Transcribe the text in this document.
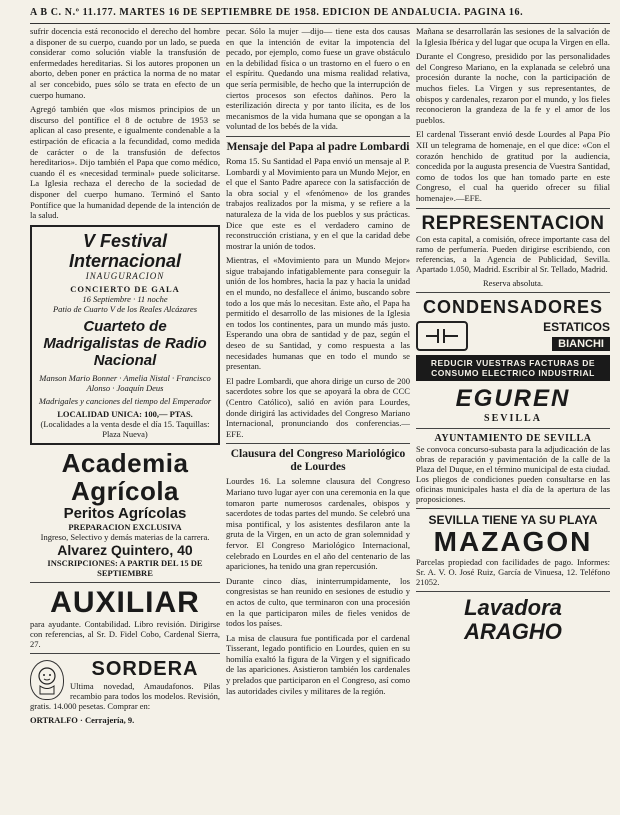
A B C. N.º 11.177. MARTES 16 DE SEPTIEMBRE DE 1958. EDICION DE ANDALUCIA. PAGINA 16.

sufrir docencia está reconocido el derecho del hombre a disponer de su cuerpo, cuando por un lado, se pueda considerar como solución viable la transfusión de enfermedades hereditarias. Si los autores proponen un aborto, deben poner en práctica la norma de no matar al ser concebido, pues sólo se trata en efecto de un cuerpo humano.

Agregó también que «los mismos principios de un discurso del pontífice el 8 de octubre de 1953 se aplican al caso presente, e igualmente condenable a la estirpación de eficacia a la fecundidad, como medida de carácter o de la transfusión de defectos hereditarios». Dijo también el Papa que como médico, cuando él es «necesidad terminal» puede solicitarse. La Iglesia rechaza el derecho de la sociedad de disponer del cuerpo humano. Terminó el Santo Pontífice que la humanidad depende de la intención de la salud.

V Festival Internacional
INAUGURACION
CONCIERTO DE GALA
16 Septiembre · 11 noche
Patio de Cuarto V de los Reales Alcázares
Cuarteto de Madrigalistas de Radio Nacional
Manson Mario Bonner · Amelia Nistal · Francisco Alonso · Joaquín Deus
Madrigales y canciones del tiempo del Emperador
LOCALIDAD UNICA: 100,— PTAS.
(Localidades a la venta desde el día 15. Taquillas: Plaza Nueva)
Academia Agrícola
Peritos Agrícolas
PREPARACION EXCLUSIVA
Ingreso, Selectivo y demás materias de la carrera.
Alvarez Quintero, 40
INSCRIPCIONES: A PARTIR DEL 15 DE SEPTIEMBRE
AUXILIAR

para ayudante. Contabilidad. Libro revisión. Dirigirse con referencias, al Sr. D. Fidel Cobo, Cardenal Sierra, 27.

SORDERA

Ultima novedad, Amaudafonos. Pilas recambio para todos los modelos. Revisión, gratis. 14.000 pesetas. Comprar en:

ORTRALFO · Cerrajería, 9.

pecar. Sólo la mujer —dijo— tiene esta dos causas en que la intención de evitar la impotencia del pecado, por ejemplo, como fuese un grave obstáculo en la debilidad física o un trastorno en el fuero o en el espíritu. Quedando una misma realidad relativa, que sería permisible, de hecho que la interrupción de ciertos procesos son efectos dañinos. Pero la esterilización directa y por tanto ilícita, es de los mecanismos de la vida humana que se opongan a la voluntad de los bebés de la vida.

Mensaje del Papa al padre Lombardi

Roma 15. Su Santidad el Papa envió un mensaje al P. Lombardi y al Movimiento para un Mundo Mejor, en el que el Santo Padre aparece con la satisfacción de la obra social y el «fenómeno» de los grandes trabajos realizados por la misma, y se refiere a la naturaleza de la vida de los pueblos y sus prácticas. Dice que este es el verdadero camino de reconstrucción cristiana, y en el que la caridad debe mostrar la unión de todos.

Mientras, el «Movimiento para un Mundo Mejor» sigue trabajando infatigablemente para conseguir la unión de los hombres, hacia la paz y hacia la unidad en el mundo, no desfallece el ánimo, buscando sobre todo a los que más lo necesitan. Este año, el Papa ha permitido el desarrollo de las misiones de la Iglesia en todos los continentes, para un mundo más justo. Esperando una obra de santidad y de paz, según el deseo de su Santidad, y como respuesta a las necesidades humanas que en todo el mundo se presentan.

El padre Lombardi, que ahora dirige un curso de 200 sacerdotes sobre los que se apoyará la obra de CCC (Centro Católico), salió en avión para Lourdes, donde dirigirá las actividades del Congreso Mariano Internacional, pronunciando dos conferencias.—EFE.

Clausura del Congreso Mariológico de Lourdes

Lourdes 16. La solemne clausura del Congreso Mariano tuvo lugar ayer con una ceremonia en la que tomaron parte numerosos cardenales, obispos y sacerdotes de todas partes del mundo. Se celebró una misa pontifical, y los asistentes desfilaron ante la gruta de la Virgen, en un acto de gran solemnidad y fervor. El Congreso Mariológico Internacional, celebrado en Lourdes en el año del centenario de las apariciones, ha tenido una gran repercusión.

Durante cinco días, ininterrumpidamente, los congresistas se han reunido en sesiones de estudio y en actos de culto, que terminaron con una procesión en la que participaron miles de fieles venidos de todos los países.

La misa de clausura fue pontificada por el cardenal Tisserant, legado pontificio en Lourdes, quien en su homilía exaltó la figura de la Virgen y el significado de las apariciones. Asistieron también los cardenales y prelados que participaron en el Congreso, así como las autoridades civiles y militares de la región.

Mañana se desarrollarán las sesiones de la salvación de la Iglesia Ibérica y del lugar que ocupa la Virgen en ella.

Durante el Congreso, presidido por las personalidades del Congreso Mariano, en la explanada se celebró una procesión durante la noche, con la participación de muchos fieles. La Virgen y sus representantes, de obispos y cardenales, rezaron por el mundo, y los fieles reconocieron la grandeza de la fe y el amor de los pueblos.

El cardenal Tisserant envió desde Lourdes al Papa Pío XII un telegrama de homenaje, en el que dice: «Con el corazón henchido de gratitud por la audiencia, concedida por la augusta presencia de Vuestra Santidad, como de todos los que han tomado parte en este Congreso, el cual ha querido ofrecer su filial homenaje».—EFE.

REPRESENTACION

Con esta capital, a comisión, ofrece importante casa del ramo de perfumería. Pueden dirigirse escribiendo, con referencias, a la Agencia de Publicidad, Sevilla. Apartado 1.050, Madrid. Escribir al Sr. Tellado, Madrid.

Reserva absoluta.
CONDENSADORES
ESTATICOS
BIANCHI
REDUCIR VUESTRAS FACTURAS DE CONSUMO ELECTRICO INDUSTRIAL
EGUREN
SEVILLA
AYUNTAMIENTO DE SEVILLA

Se convoca concurso-subasta para la adjudicación de las obras de reparación y pavimentación de la calle de la Plaza del Duque, en el término municipal de esta ciudad. Los pliegos de condiciones pueden consultarse en las oficinas municipales hasta el día de la apertura de las proposiciones.

SEVILLA TIENE YA SU PLAYA
MAZAGON

Parcelas propiedad con facilidades de pago. Informes: Sr. A. V. O. José Ruiz, García de Vinuesa, 12. Teléfono 21052.

Lavadora ARAGHO
